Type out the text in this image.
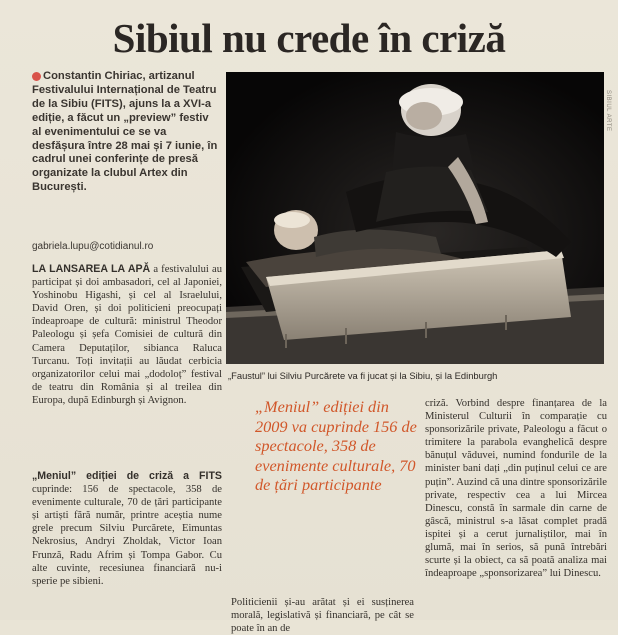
Sibiul nu crede în criză

Constantin Chiriac, artizanul Festivalului Internațional de Teatru de la Sibiu (FITS), ajuns la a XVI-a ediție, a făcut un „preview” festiv al evenimentului ce se va desfășura între 28 mai și 7 iunie, în cadrul unei conferințe de presă organizate la clubul Artex din București.

gabriela.lupu@cotidianul.ro

LA LANSAREA LA APĂ a festivalului au participat și doi ambasadori, cel al Japoniei, Yoshinobu Higashi, și cel al Israelului, David Oren, și doi politicieni preocupați îndeaproape de cultură: ministrul Theodor Paleologu și șefa Comisiei de cultură din Camera Deputaților, sibianca Raluca Turcanu. Toți invitații au lăudat cerbicia organizatorilor celui mai „dodoloț” festival de teatru din România și al treilea din Europa, după Edinburgh și Avignon.

„Meniul” ediției de criză a FITS cuprinde: 156 de spectacole, 358 de evenimente culturale, 70 de țări participante și artiști fără număr, printre aceștia nume grele precum Silviu Purcărete, Eimuntas Nekrosius, Andryi Zholdak, Victor Ioan Frunză, Radu Afrim și Tompa Gabor. Cu alte cuvinte, recesiunea financiară nu-i sperie pe sibieni.

SIBIUL ARTE
„Faustul” lui Silviu Purcărete va fi jucat și la Sibiu, și la Edinburgh

„Meniul” ediției din 2009 va cuprinde 156 de spectacole, 358 de evenimente culturale, 70 de țări participante

Politicienii și-au arătat și ei susținerea morală, legislativă și financiară, pe cât se poate în an de

criză. Vorbind despre finanțarea de la Ministerul Culturii în comparație cu sponsorizările private, Paleologu a făcut o trimitere la parabola evanghelică despre bănuțul văduvei, numind fondurile de la minister bani dați „din puținul celui ce are puțin”. Auzind că una dintre sponsorizările private, respectiv cea a lui Mircea Dinescu, constă în sarmale din carne de gâscă, ministrul s-a lăsat complet pradă ispitei și a cerut jurnaliștilor, mai în glumă, mai în serios, să pună întrebări scurte și la obiect, ca să poată analiza mai îndeaproape „sponsorizarea” lui Dinescu.
